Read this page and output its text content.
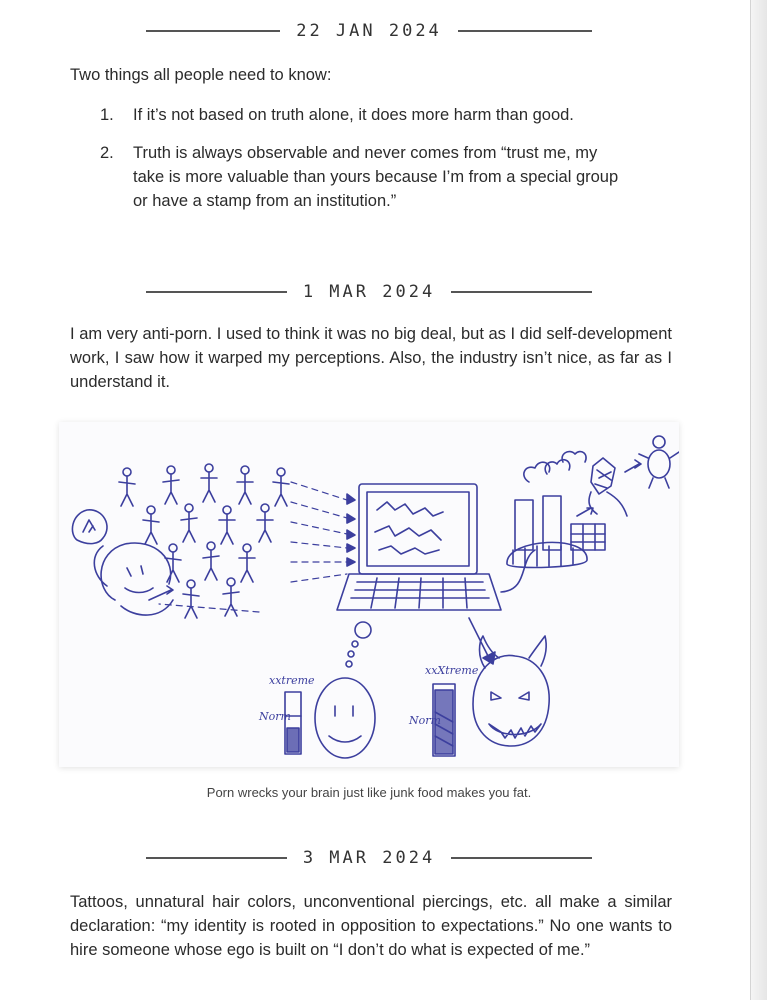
22 JAN 2024

Two things all people need to know:

1. If it’s not based on truth alone, it does more harm than good.
2. Truth is always observable and never comes from “trust me, my take is more valuable than yours because I’m from a special group or have a stamp from an institution.”
1 MAR 2024

I am very anti-porn. I used to think it was no big deal, but as I did self-development work, I saw how it warped my perceptions. Also, the industry isn’t nice, as far as I understand it.

xxtreme
Norm
xxXtreme
Norm
Porn wrecks your brain just like junk food makes you fat.
3 MAR 2024

Tattoos, unnatural hair colors, unconventional piercings, etc. all make a similar declaration: “my identity is rooted in opposition to expectations.” No one wants to hire someone whose ego is built on “I don’t do what is expected of me.”
